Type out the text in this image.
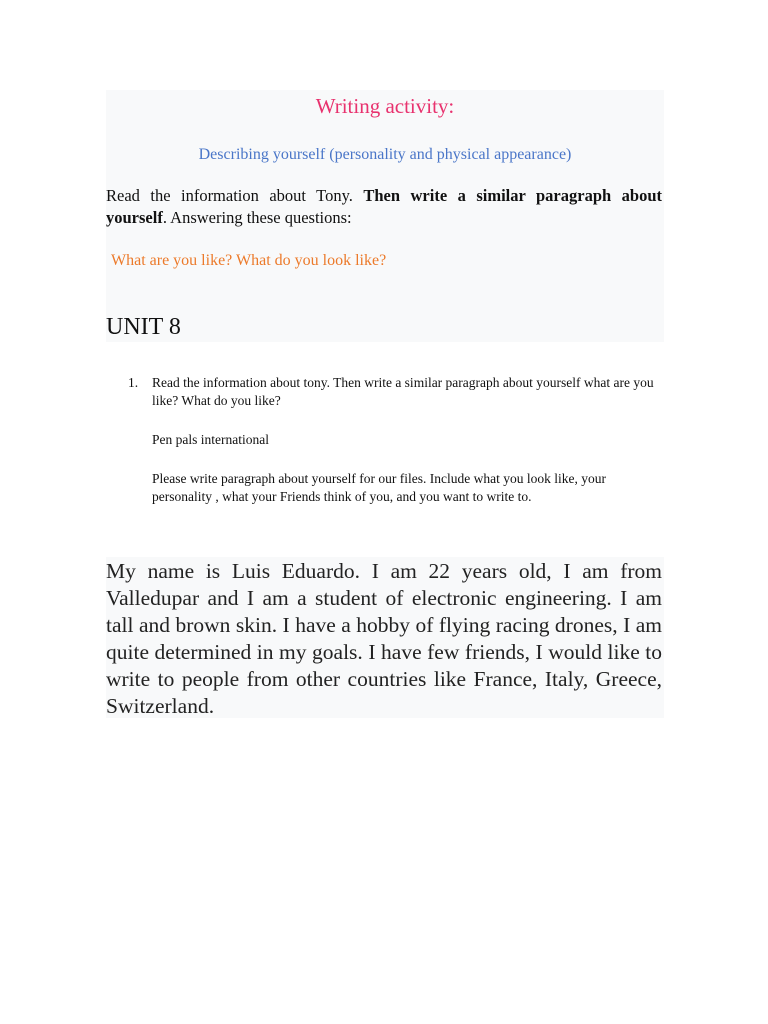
Writing activity:
Describing yourself (personality and physical appearance)
Read the information about Tony. Then write a similar paragraph about yourself. Answering these questions:
What are you like? What do you look like?
UNIT 8
1. Read the information about tony. Then write a similar paragraph about yourself what are you like? What do you like?

Pen pals international

Please write paragraph about yourself for our files. Include what you look like, your personality , what your Friends think of you, and you want to write to.

My name is Luis Eduardo. I am 22 years old, I am from Valledupar and I am a student of electronic engineering. I am tall and brown skin. I have a hobby of flying racing drones, I am quite determined in my goals. I have few friends, I would like to write to people from other countries like France, Italy, Greece, Switzerland.
